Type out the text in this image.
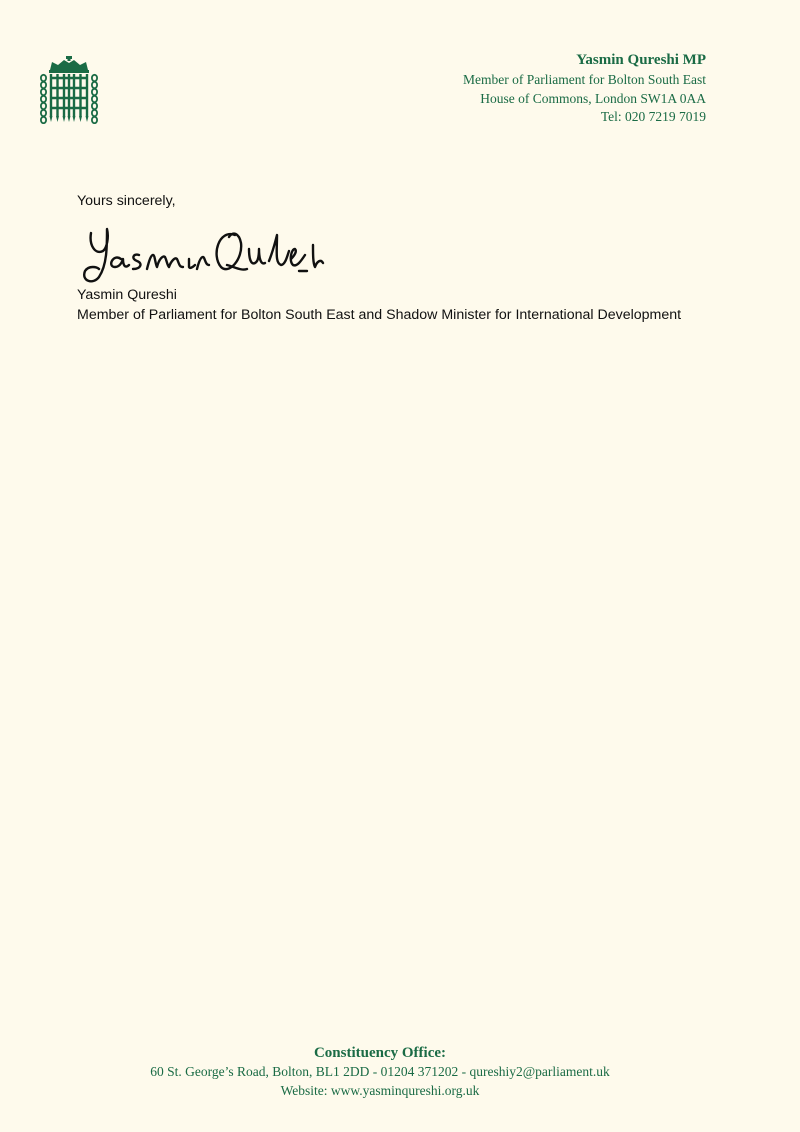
Yasmin Qureshi MP
Member of Parliament for Bolton South East
House of Commons, London SW1A 0AA
Tel: 020 7219 7019
Yours sincerely,
Yasmin Qureshi
Member of Parliament for Bolton South East and Shadow Minister for International Development
Constituency Office:
60 St. George’s Road, Bolton, BL1 2DD - 01204 371202 - qureshiy2@parliament.uk
Website: www.yasminqureshi.org.uk
